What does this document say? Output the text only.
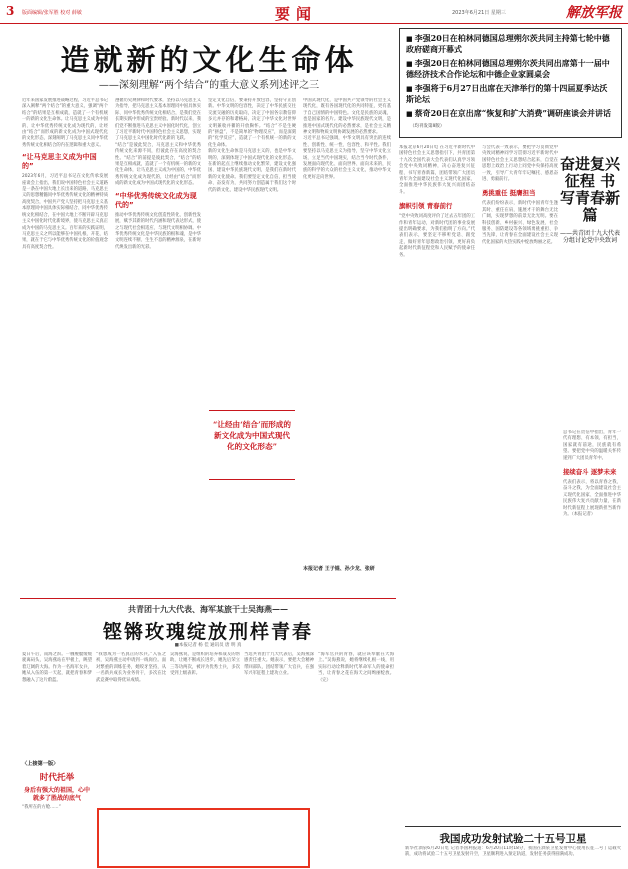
3 版面编辑/张军胜 校对 薛敏	要闻	2023年6月21日 星期三	解放军报
造就新的文化生命体
——深刻理解“两个结合”的重大意义系列述评之三

近年来国家发展推进战略过程，习近平总书记深入阐释“两个结合”的重大意义，强调“两个结合”的结果是互相成就，造就了一个有机统一的新的文化生命体。让马克思主义成为中国的、让中华优秀传统文化成为现代的，让经由“结合”而形成的新文化成为中国式现代化的文化形态，深刻阐明了马克思主义同中华优秀传统文化相结合的内在逻辑和重大意义。

“让马克思主义成为中国的”

2023年6月，习近平总书记在文化传承发展座谈会上指出，我们说中国特色社会主义道路是一条在中国大地上长出来的道路，马克思主义的思想精髓同中华优秀传统文化的精神特质高度契合，中国共产党人坚持把马克思主义基本原理同中国具体实际相结合、同中华优秀传统文化相结合，在中国大地上不断开辟马克思主义中国化时代化新境界，使马克思主义真正成为中国的马克思主义。百年来的实践证明，马克思主义之所以能够在中国扎根、开花、结果，就在于它与中华优秀传统文化的价值观念具有高度契合性。

遵循历史规律和时代要求，坚持以马克思主义为指导，把马克思主义基本原理同中国具体实际、同中华优秀传统文化相结合，是我们党在长期实践中形成的宝贵经验。新时代以来，我们党不断推进马克思主义中国化时代化，创立了习近平新时代中国特色社会主义思想，实现了马克思主义中国化时代化新的飞跃。

“结合”是彼此契合，马克思主义和中华优秀传统文化来源不同，但彼此存在高度的契合性。“结合”的前提是彼此契合，“结合”的结果是互相成就，造就了一个有机统一的新的文化生命体，让马克思主义成为中国的，中华优秀传统文化成为现代的，让经由“结合”而形成的新文化成为中国式现代化的文化形态。

“中华优秀传统文化成为现代的”

推动中华优秀传统文化创造性转化、创新性发展，赋予其新的时代内涵和现代表达形式，使之与现代社会相适应、与现代文明相协调。中华优秀传统文化是中华民族的根和魂，是中华文明连续不断、生生不息的精神源泉，在新时代焕发出新的光彩。

坚定文化自信，要秉持开放包容，坚持守正创新。中华文明的包容性，决定了中华民族交往交流交融的历史取向，决定了中国各宗教信仰多元并存的和谐格局，决定了中华文化对世界文明兼收并蓄的开放胸怀。“结合”不是生硬的“拼盘”，不是简单的“物理反应”，而是深刻的“化学反应”，造就了一个有机统一的新的文化生命体。

新的文化生命体是马克思主义的，也是中华文明的，深刻体现了中国式现代化的文化形态。在新的起点上继续推动文化繁荣、建设文化强国、建设中华民族现代文明，是我们在新时代新的文化使命。我们要坚定文化自信，担当使命、奋发有为，共同努力创造属于我们这个时代的新文化，建设中华民族现代文明。

“让经由‘结合’而形成的新文化成为中国式现代化的文化形态”

中国式现代化，是中国共产党领导的社会主义现代化，既有各国现代化的共同特征，更有基于自己国情的中国特色。文化是民族的灵魂，也是国家的名片。建设中华民族现代文明，是推进中国式现代化的必然要求，是社会主义精神文明和物质文明协调发展的必然要求。

习近平总书记强调，中华文明具有突出的连续性、创新性、统一性、包容性、和平性。我们要坚持以马克思主义为指导，坚守中华文化立场，立足当代中国现实，结合当今时代条件，发展面向现代化、面向世界、面向未来的，民族的科学的大众的社会主义文化，推动中华文化更好走向世界。

本报记者 王子锟、孙少龙、张研
■ 李强20日在柏林同德国总理朔尔茨共同主持第七轮中德政府磋商开幕式
■ 李强20日在柏林同德国总理朔尔茨共同出席第十一届中德经济技术合作论坛和中德企业家圆桌会
■ 李强将于6月27日出席在天津举行的第十四届夏季达沃斯论坛
■ 蔡奇20日在京出席“恢复和扩大消费”调研座谈会并讲话（均刊发第8版）
奋进复兴征程 书写青春新篇
——共青团十九大代表分组讨论党中央致词

本报北京6月20日电 在习近平新时代中国特色社会主义思想指引下，共青团第十九次全国代表大会代表们认真学习领会党中央致词精神，决心奋进复兴征程、书写青春新篇，团结带领广大团员青年为全面建设社会主义现代化国家、全面推进中华民族伟大复兴而团结奋斗。

旗帜引领 青春前行

“党中央致词高度评价了过去五年团的工作和青年运动，对新时代团的事业发展提出明确要求，为我们指明了方向。”代表们表示，要坚定不移听党话、跟党走，做好青年思想政治引领，更好肩负起新时代新征程党和人民赋予的使命任务。

与会代表一致表示，要把学习贯彻党中央致词精神同学习贯彻习近平新时代中国特色社会主义思想结合起来，自觉在思想上政治上行动上同党中央保持高度一致，引导广大青年牢记嘱托、感恩奋进、勇毅前行。

勇挑重任 挺膺担当

代表们纷纷表示，新时代中国青年生逢其时、重任在肩，施展才干的舞台无比广阔，实现梦想的前景无比光明。要在科技创新、乡村振兴、绿色发展、社会服务、国防建设等各领域勇挑重担、争当先锋，让青春在全面建设社会主义现代化国家的火热实践中绽放绚丽之花。

总书记在贺信中指出，青年一代有理想、有本领、有担当，国家就有前途，民族就有希望。要把党中央的温暖关怀传递到广大团员青年中。

接续奋斗 逐梦未来

代表们表示，将以青春之我、奋斗之我，为全面建设社会主义现代化国家、全面推进中华民族伟大复兴贡献力量，在新时代新征程上展现新担当新作为。（本报记者）

共青团十九大代表、海军某旅干士吴海燕——
铿锵玫瑰绽放刑样青春
■本报记者 杨 佳 通讯员 唐 明 真

夏日午后，南海之滨。一艘舰艇缓缓驶离码头，吴海燕站在甲板上，眺望着辽阔的大海。作为一名海军女兵，她从入伍的第一天起，就把青春和梦想融入了这片蔚蓝。

“我想成为一名真正的水兵。”入伍之初，吴海燕主动申请到一线岗位。面对繁重的训练任务，她咬牙坚持，从一名新兵成长为业务骨干，多次在比武竞赛中取得优异成绩。

吴海燕说，是组织的培养和战友的帮助，让她不断成长进步。她先后荣立三等功两次，被评为优秀士兵，多次受到上级表彰。

当选共青团十九大代表后，吴海燕深感责任重大。她表示，要把大会精神带回部队，团结带领广大官兵，在强军兴军征程上建功立业。

“海军官兵的青春，就应该奉献在大海上。”吴海燕说，她将继续扎根一线，用实际行动诠释新时代革命军人的使命担当，让青春之花在海天之间绚丽绽放。（完）

〈上接第一版〉
时代托举
身后有强大的祖国，心中就多了胜战的底气

“我所在的方舱……”

我国成功发射试验二十五号卫星

新华社酒泉6月20日电 记者李国利报道：6月20日11时18分，我国在酒泉卫星发射中心使用长征二号丁运载火箭，成功将试验二十五号卫星发射升空，卫星顺利进入预定轨道，发射任务获得圆满成功。
